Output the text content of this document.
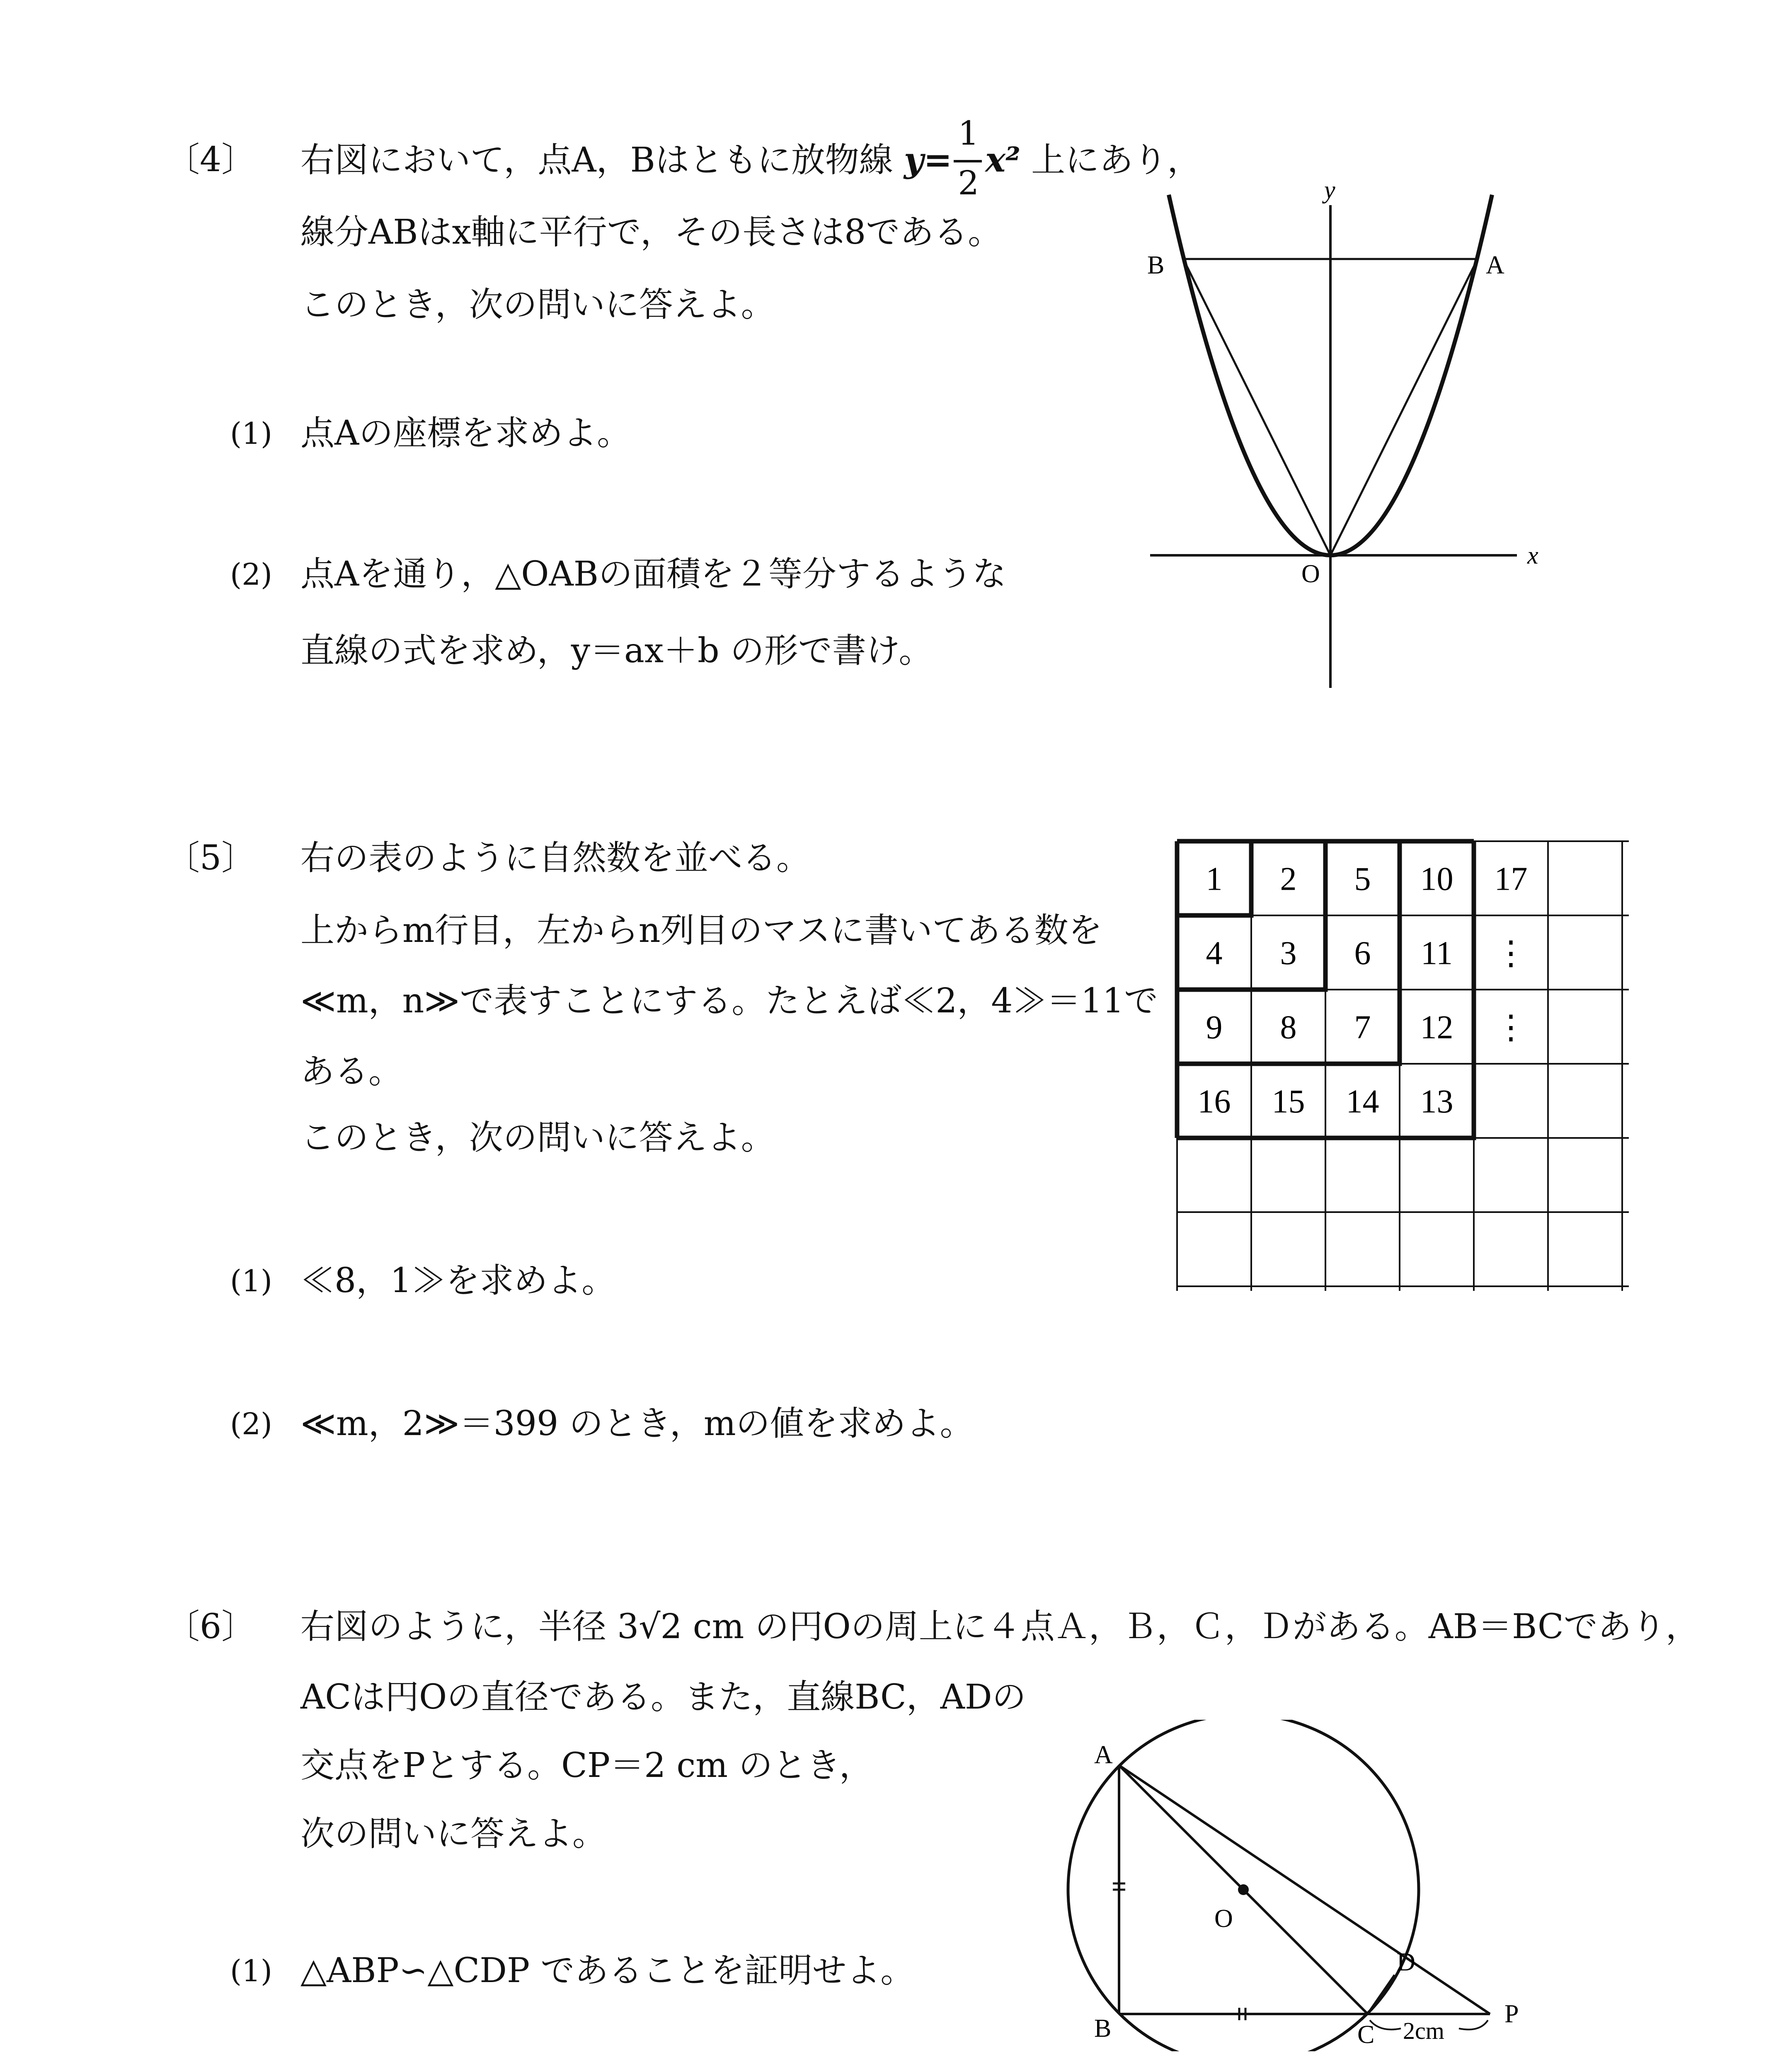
〔4〕 右図において，点A，Bはともに放物線 y=
1
2
x² 上にあり，
線分ABはx軸に平行で，その長さは8である。
このとき，次の問いに答えよ。
(1) 点Aの座標を求めよ。
(2) 点Aを通り，△OABの面積を２等分するような
直線の式を求め，y＝ax＋b の形で書け。
y
x
O
A
B
〔5〕 右の表のように自然数を並べる。
上からm行目，左からn列目のマスに書いてある数を
≪m，n≫で表すことにする。たとえば≪2，4≫＝11で
ある。
このとき，次の問いに答えよ。
(1) ≪8，1≫を求めよ。
(2) ≪m，2≫＝399 のとき，mの値を求めよ。
1 2 5 10 17
4 3 6 11 ⋮
9 8 7 12 ⋮
16 15 14 13
〔6〕 右図のように，半径 3√2 cm の円Oの周上に４点Ａ，Ｂ，Ｃ，Ｄがある。AB＝BCであり，
ACは円Oの直径である。また，直線BC，ADの
交点をPとする。CP＝2 cm のとき，
次の問いに答えよ。
(1) △ABP∽△CDP であることを証明せよ。
A
B	C
D
O
P
2cm
